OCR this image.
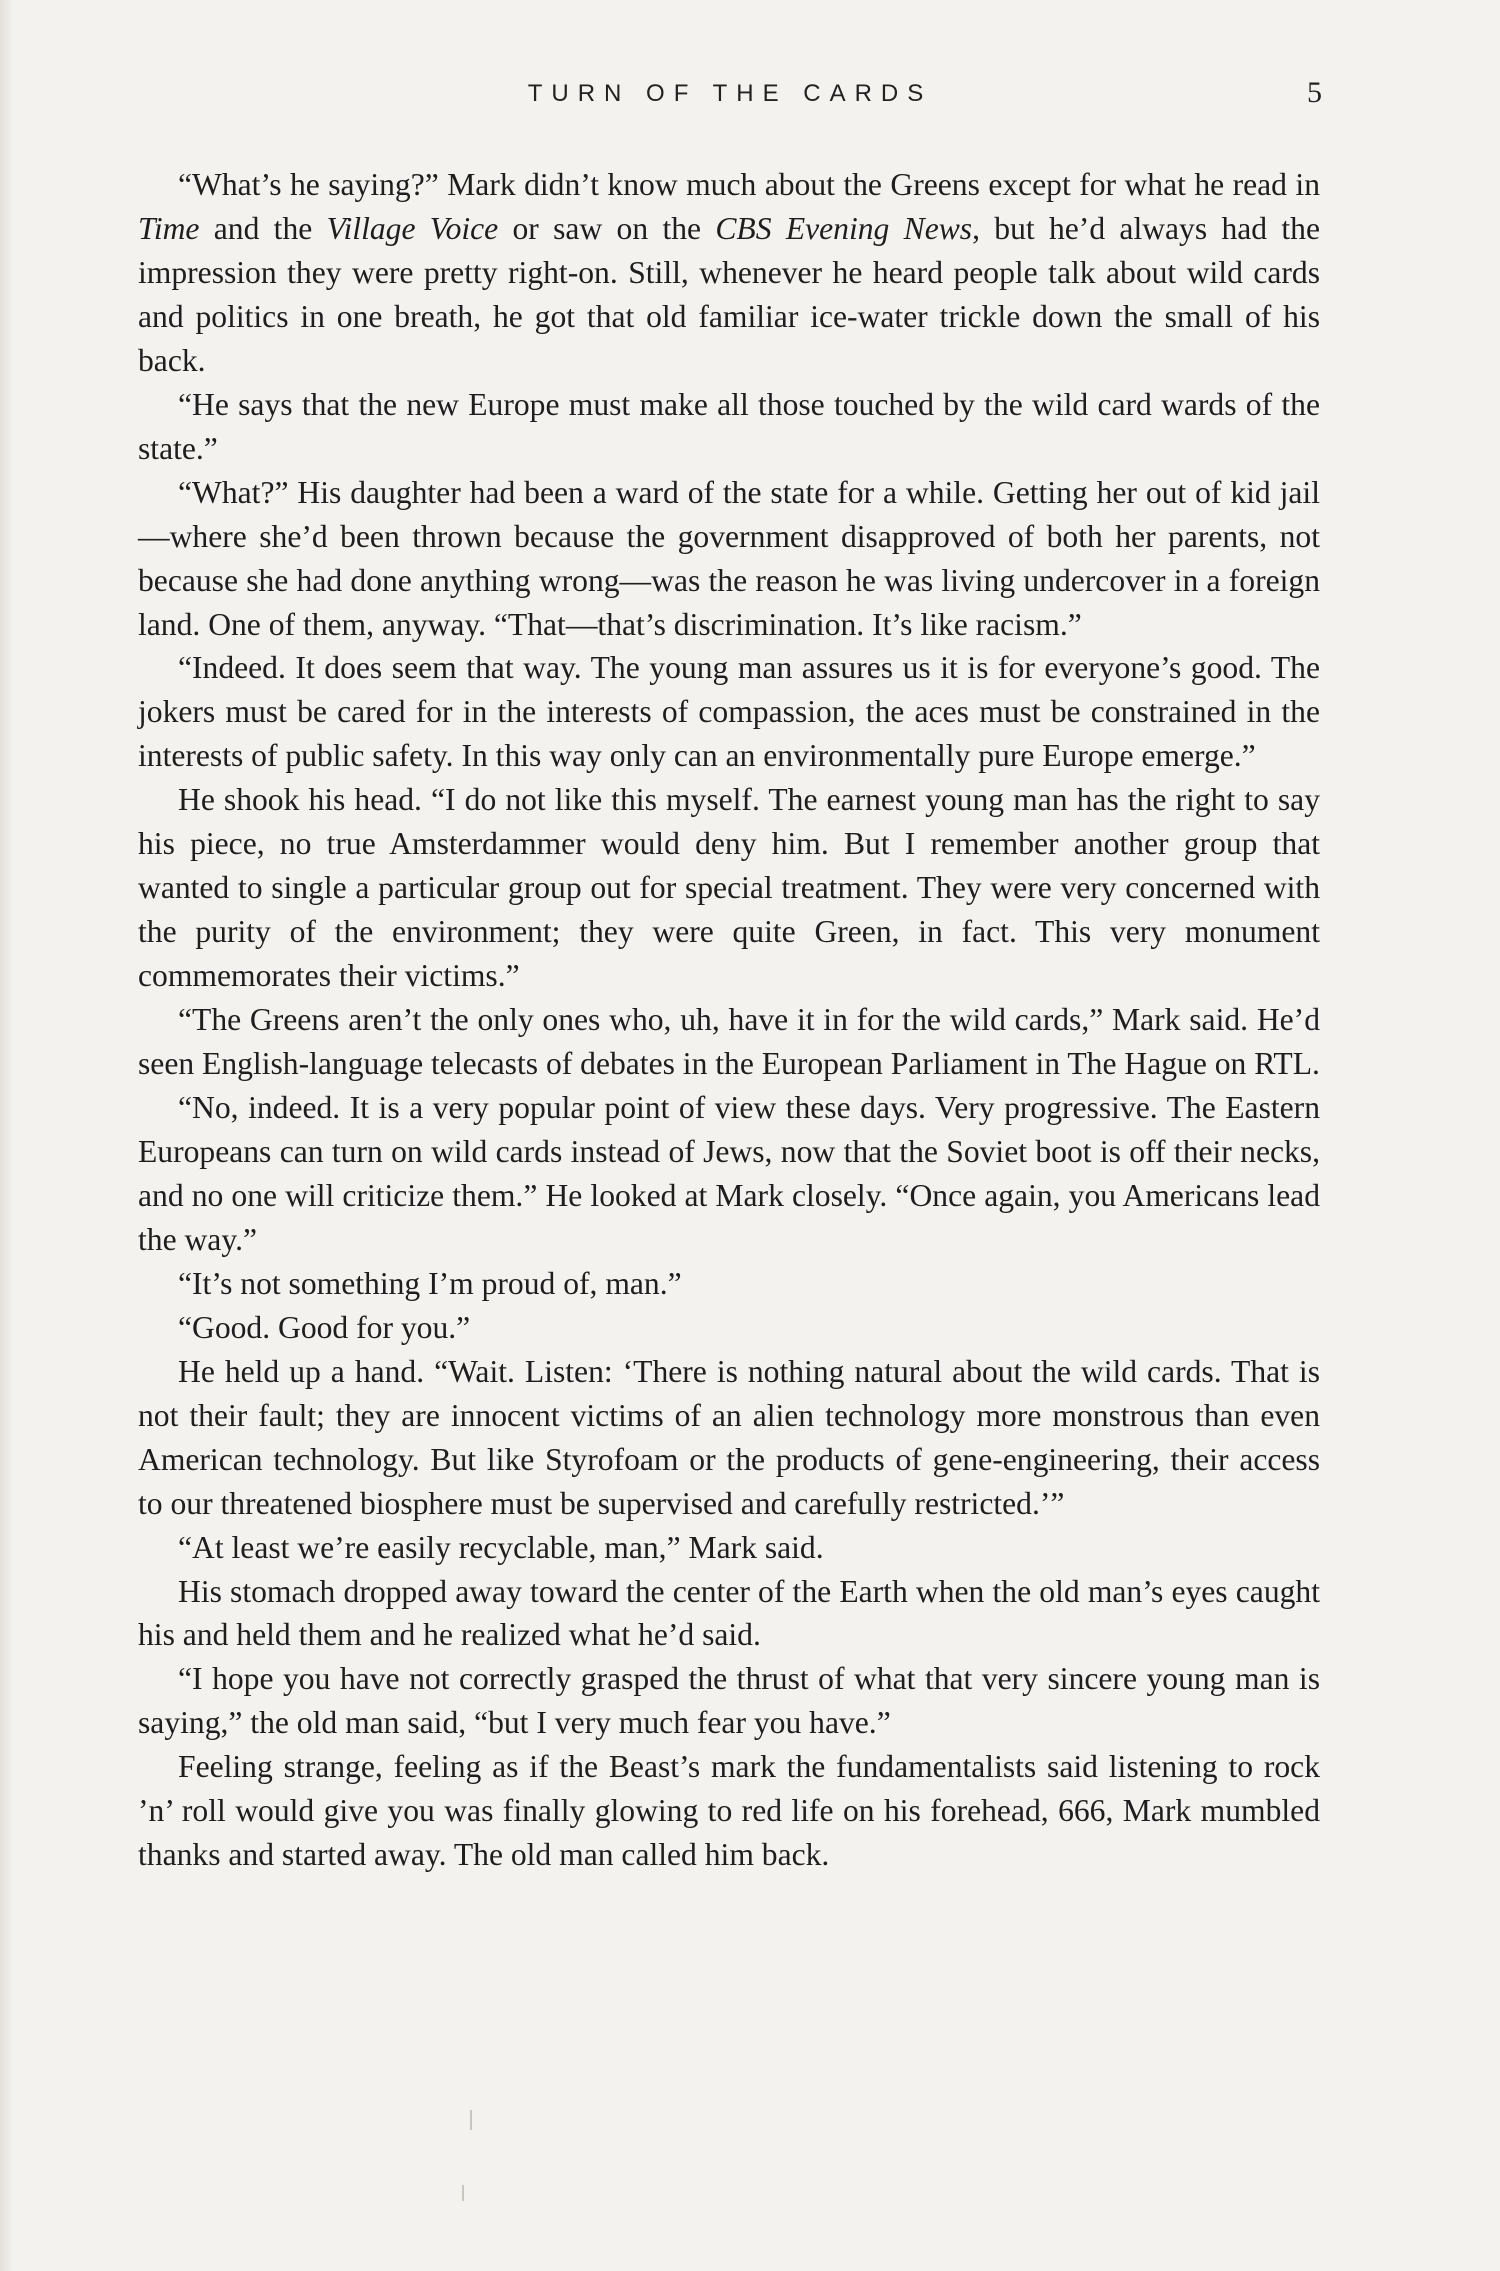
TURN OF THE CARDS	5

“What’s he saying?” Mark didn’t know much about the Greens except for what he read in Time and the Village Voice or saw on the CBS Evening News, but he’d always had the impression they were pretty right-on. Still, whenever he heard people talk about wild cards and politics in one breath, he got that old familiar ice-water trickle down the small of his back.

“He says that the new Europe must make all those touched by the wild card wards of the state.”

“What?” His daughter had been a ward of the state for a while. Getting her out of kid jail—where she’d been thrown because the government disapproved of both her parents, not because she had done anything wrong—was the reason he was living undercover in a foreign land. One of them, anyway. “That—that’s discrimination. It’s like racism.”

“Indeed. It does seem that way. The young man assures us it is for everyone’s good. The jokers must be cared for in the interests of compassion, the aces must be constrained in the interests of public safety. In this way only can an environmentally pure Europe emerge.”

He shook his head. “I do not like this myself. The earnest young man has the right to say his piece, no true Amsterdammer would deny him. But I remember another group that wanted to single a particular group out for special treatment. They were very concerned with the purity of the environment; they were quite Green, in fact. This very monument commemorates their victims.”

“The Greens aren’t the only ones who, uh, have it in for the wild cards,” Mark said. He’d seen English-language telecasts of debates in the European Parliament in The Hague on RTL.

“No, indeed. It is a very popular point of view these days. Very progressive. The Eastern Europeans can turn on wild cards instead of Jews, now that the Soviet boot is off their necks, and no one will criticize them.” He looked at Mark closely. “Once again, you Americans lead the way.”

“It’s not something I’m proud of, man.”

“Good. Good for you.”

He held up a hand. “Wait. Listen: ‘There is nothing natural about the wild cards. That is not their fault; they are innocent victims of an alien technology more monstrous than even American technology. But like Styrofoam or the products of gene-engineering, their access to our threatened biosphere must be supervised and carefully restricted.’”

“At least we’re easily recyclable, man,” Mark said.

His stomach dropped away toward the center of the Earth when the old man’s eyes caught his and held them and he realized what he’d said.

“I hope you have not correctly grasped the thrust of what that very sincere young man is saying,” the old man said, “but I very much fear you have.”

Feeling strange, feeling as if the Beast’s mark the fundamentalists said listening to rock ’n’ roll would give you was finally glowing to red life on his forehead, 666, Mark mumbled thanks and started away. The old man called him back.
